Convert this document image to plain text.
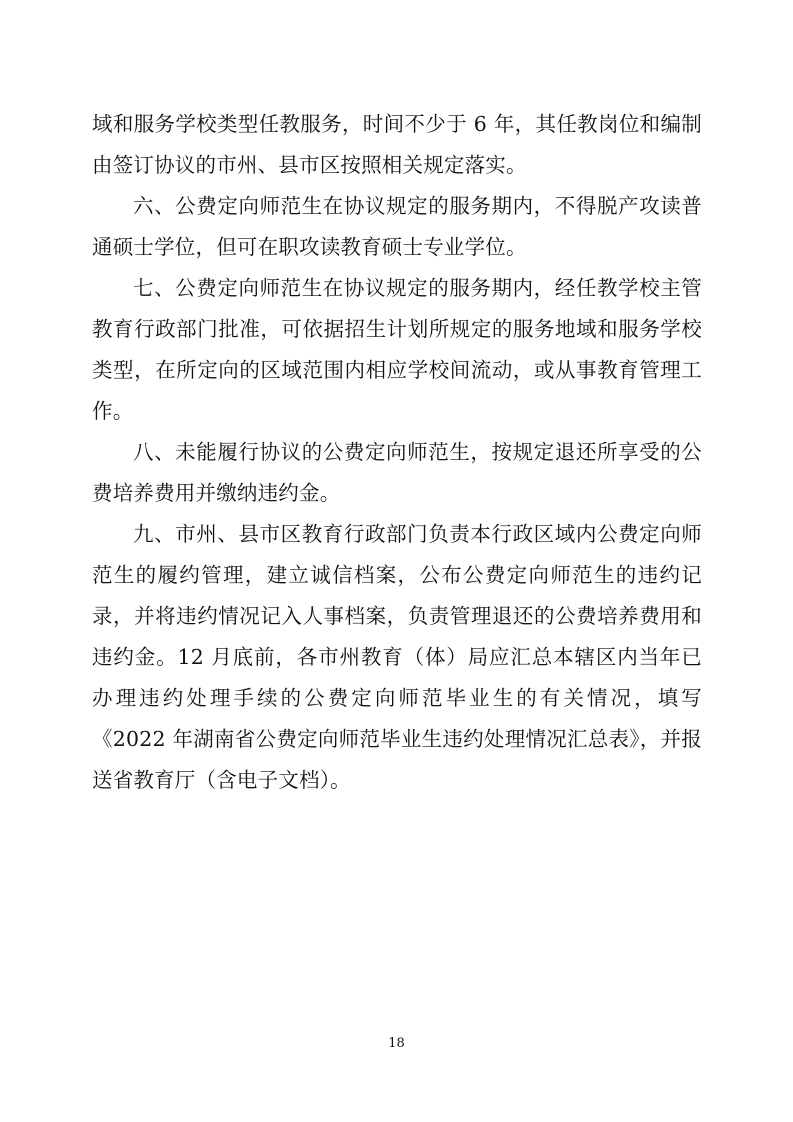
域和服务学校类型任教服务，时间不少于 6 年，其任教岗位和编制由签订协议的市州、县市区按照相关规定落实。

六、公费定向师范生在协议规定的服务期内，不得脱产攻读普通硕士学位，但可在职攻读教育硕士专业学位。

七、公费定向师范生在协议规定的服务期内，经任教学校主管教育行政部门批准，可依据招生计划所规定的服务地域和服务学校类型，在所定向的区域范围内相应学校间流动，或从事教育管理工作。

八、未能履行协议的公费定向师范生，按规定退还所享受的公费培养费用并缴纳违约金。

九、市州、县市区教育行政部门负责本行政区域内公费定向师范生的履约管理，建立诚信档案，公布公费定向师范生的违约记录，并将违约情况记入人事档案，负责管理退还的公费培养费用和违约金。12 月底前，各市州教育（体）局应汇总本辖区内当年已办理违约处理手续的公费定向师范毕业生的有关情况，填写《2022 年湖南省公费定向师范毕业生违约处理情况汇总表》，并报送省教育厅（含电子文档）。

18
